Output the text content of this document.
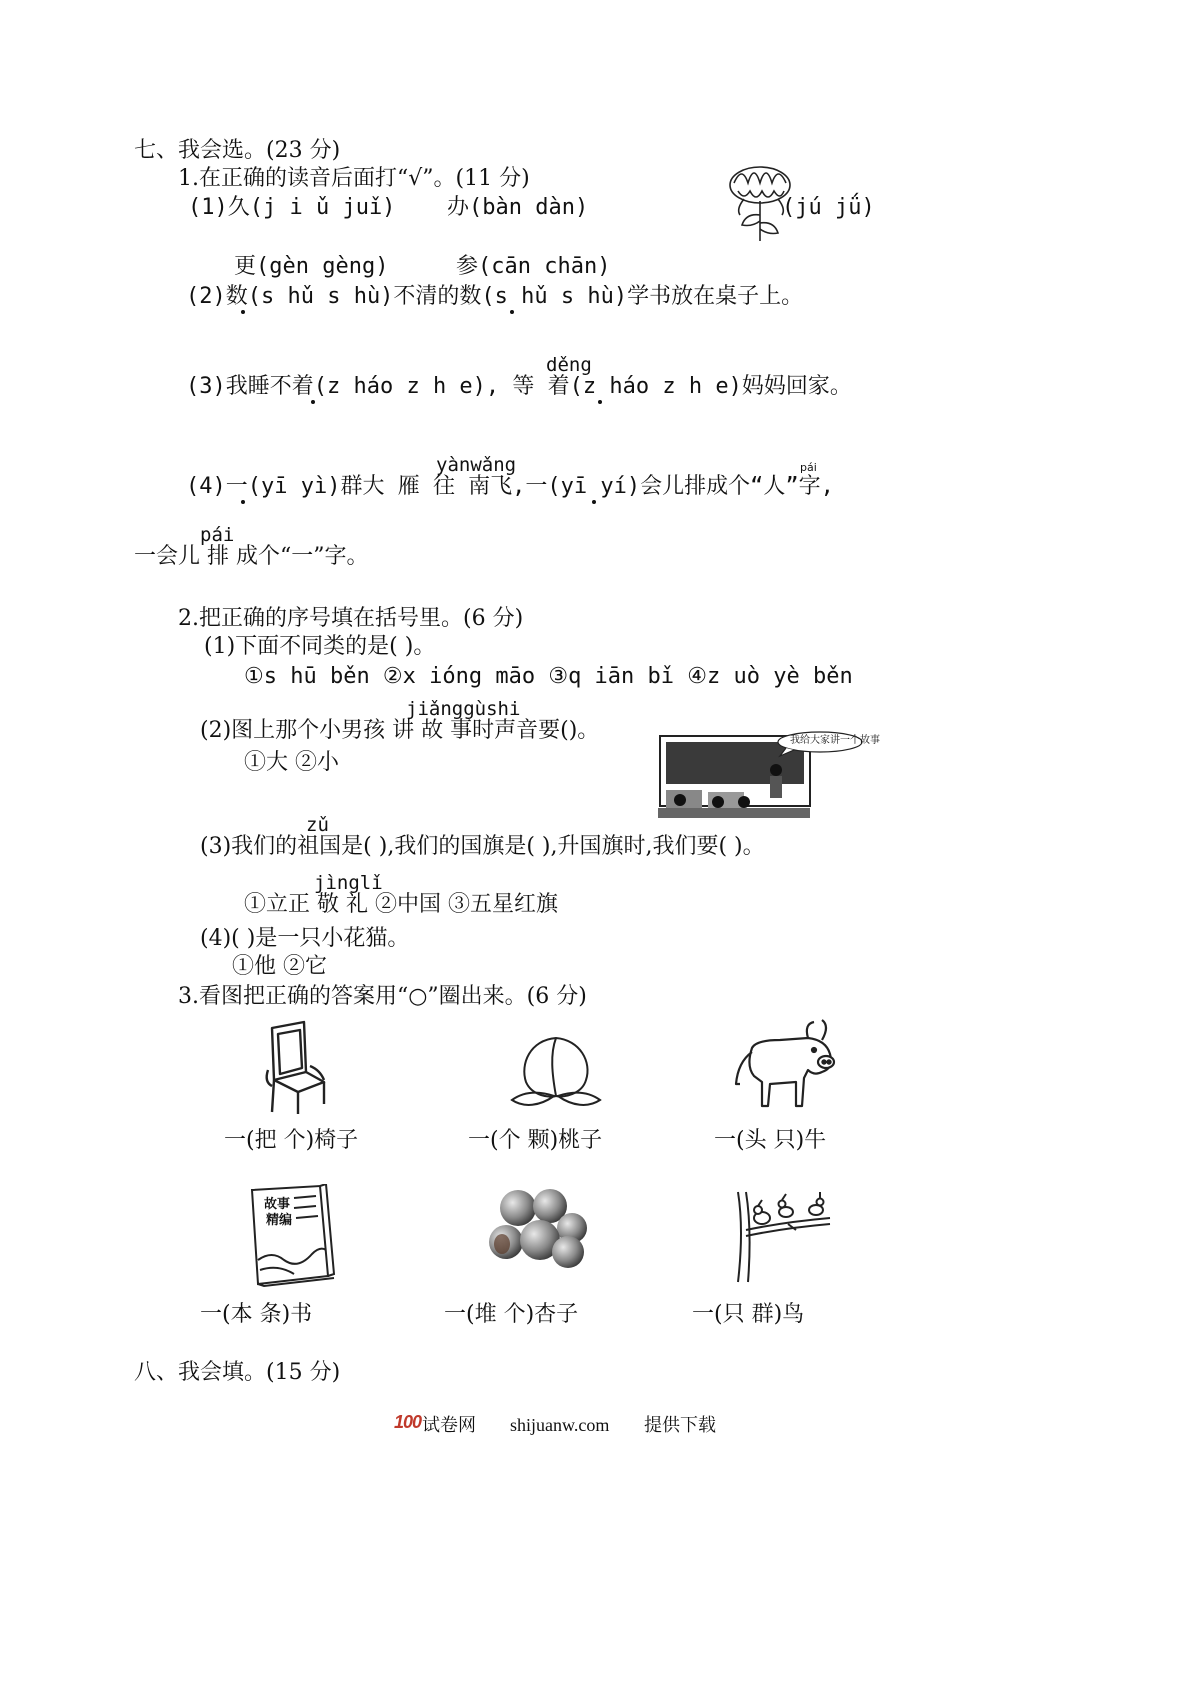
七、我会选。(23 分)
1.在正确的读音后面打“√”。(11 分)
(1)久(j i ǔ juǐ) 办(bàn dàn)	(jú jǘ)
更(gèn gèng)	参(cān chān)
(2)数(s hǔ s hù)不清的数(s hǔ s hù)学书放在桌子上。
děng
(3)我睡不着(z háo z h e), 等 着(z háo z h e)妈妈回家。
yànwǎng	pái
(4)一(yī yì)群大 雁 往 南飞,一(yī yí)会儿排成个“人”字,
pái
一会儿 排 成个“一”字。
2.把正确的序号填在括号里。(6 分)
(1)下面不同类的是( )。
①s hū běn ②x ióng māo ③q iān bǐ ④z uò yè běn
jiǎnggùshi
(2)图上那个小男孩 讲 故 事时声音要()。
①大 ②小
我给大家讲一个故事
zǔ
(3)我们的祖国是( ),我们的国旗是( ),升国旗时,我们要( )。
jìnglǐ
①立正 敬 礼 ②中国 ③五星红旗
(4)( )是一只小花猫。
①他 ②它
3.看图把正确的答案用“○”圈出来。(6 分)
一(把 个)椅子	一(个 颗)桃子	一(头 只)牛
故事
精编
一(本 条)书	一(堆 个)杏子	一(只 群)鸟
八、我会填。(15 分)
100 试卷网 shijuanw.com 提供下载
